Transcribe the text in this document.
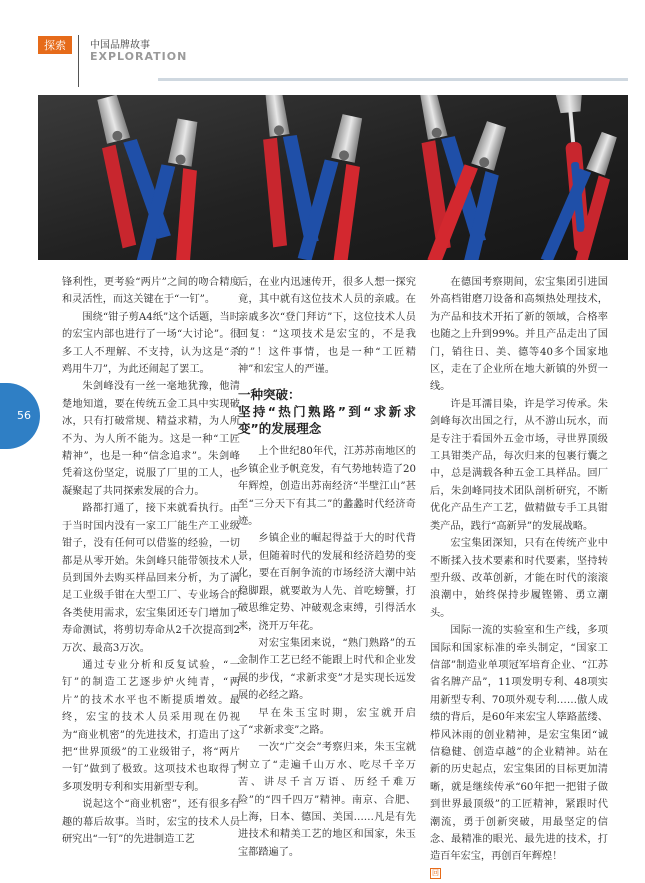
探索	中国品牌故事
EXPLORATION
56

锋利性，更考验“两片”之间的吻合精度和灵活性，而这关键在于“一钉”。

围绕“钳子剪A4纸”这个话题，当时的宏宝内部也进行了一场“大讨论”。很多工人不理解、不支持，认为这是“杀鸡用牛刀”，为此还闹起了罢工。

朱剑峰没有一丝一毫地犹豫，他清楚地知道，要在传统五金工具中实现破冰，只有打破常规、精益求精，为人所不为、为人所不能为。这是一种“工匠精神”，也是一种“信念追求”。朱剑峰凭着这份坚定，说服了厂里的工人，也凝聚起了共同探索发展的合力。

路都打通了，接下来就看执行。由于当时国内没有一家工厂能生产工业级钳子，没有任何可以借鉴的经验，一切都是从零开始。朱剑峰只能带领技术人员到国外去购买样品回来分析，为了满足工业级手钳在大型工厂、专业场合的各类使用需求，宏宝集团还专门增加了寿命测试，将剪切寿命从2千次提高到2万次、最高3万次。

通过专业分析和反复试验，“一钉”的制造工艺逐步炉火纯青，“两片”的技术水平也不断提质增效。最终，宏宝的技术人员采用现在仍视为“商业机密”的先进技术，打造出了这把“世界顶级”的工业级钳子，将“两片一钉”做到了极致。这项技术也取得了多项发明专利和实用新型专利。

说起这个“商业机密”，还有很多有趣的幕后故事。当时，宏宝的技术人员研究出“一钉”的先进制造工艺

后，在业内迅速传开，很多人想一探究竟，其中就有这位技术人员的亲戚。在亲戚多次“登门拜访”下，这位技术人员回复：“这项技术是宏宝的，不是我的”！这件事情，也是一种“工匠精神”和宏宝人的严谨。

一种突破：
坚持“热门熟路”到“求新求变”的发展理念

上个世纪80年代，江苏苏南地区的乡镇企业予帆竞发，有气势地转造了20年辉煌，创造出苏南经济“半壁江山”甚至“三分天下有其二”的蠡蠡时代经济奇迹。

乡镇企业的崛起得益于大的时代背景，但随着时代的发展和经济趋势的变化，要在百舸争流的市场经济大潮中站稳脚跟，就要敢为人先、首吃螃蟹，打破思维定势、冲破观念束缚，引得活水来，浇开万年花。

对宏宝集团来说，“熟门熟路”的五金制作工艺已经不能跟上时代和企业发展的步伐，“求新求变”才是实现长远发展的必经之路。

早在朱玉宝时期，宏宝就开启了“求新求变”之路。

一次“广交会”考察归来，朱玉宝就树立了“走遍千山万水、吃尽千辛万苦、讲尽千言万语、历经千难万险”的“四千四万”精神。南京、合肥、上海，日本、德国、美国……凡是有先进技术和精美工艺的地区和国家，朱玉宝都踏遍了。

在德国考察期间，宏宝集团引进国外高档钳磨刀设备和高频热处理技术，为产品和技术开拓了新的领域，合格率也随之上升到99%。并且产品走出了国门，销往日、美、德等40多个国家地区，走在了企业所在地大新镇的外贸一线。

许是耳濡目染，许是学习传承。朱剑峰每次出国之行，从不游山玩水，而是专注于看国外五金市场，寻世界顶级工具钳类产品，每次归来的包裹行囊之中，总是满载各种五金工具样品。回厂后，朱剑峰同技术团队剖析研究，不断优化产品生产工艺，做精做专手工具钳类产品，践行“高新异”的发展战略。

宏宝集团深知，只有在传统产业中不断揉入技术要素和时代要素，坚持转型升级、改革创新，才能在时代的滚滚浪潮中，始终保持步履铿锵、勇立潮头。

国际一流的实验室和生产线，多项国际和国家标准的牵头制定，“国家工信部”制造业单项冠军培育企业、“江苏省名牌产品”，11项发明专利、48项实用新型专利、70项外观专利……傲人成绩的背后，是60年来宏宝人筚路蓝缕、栉风沐雨的创业精神，是宏宝集团“诚信稳健、创造卓越”的企业精神。站在新的历史起点，宏宝集团的目标更加清晰，就是继续传承“60年把一把钳子做到世界最顶级”的工匠精神，紧跟时代潮流，勇于创新突破，用最坚定的信念、最精准的眼光、最先进的技术，打造百年宏宝，再创百年辉煌！

回
